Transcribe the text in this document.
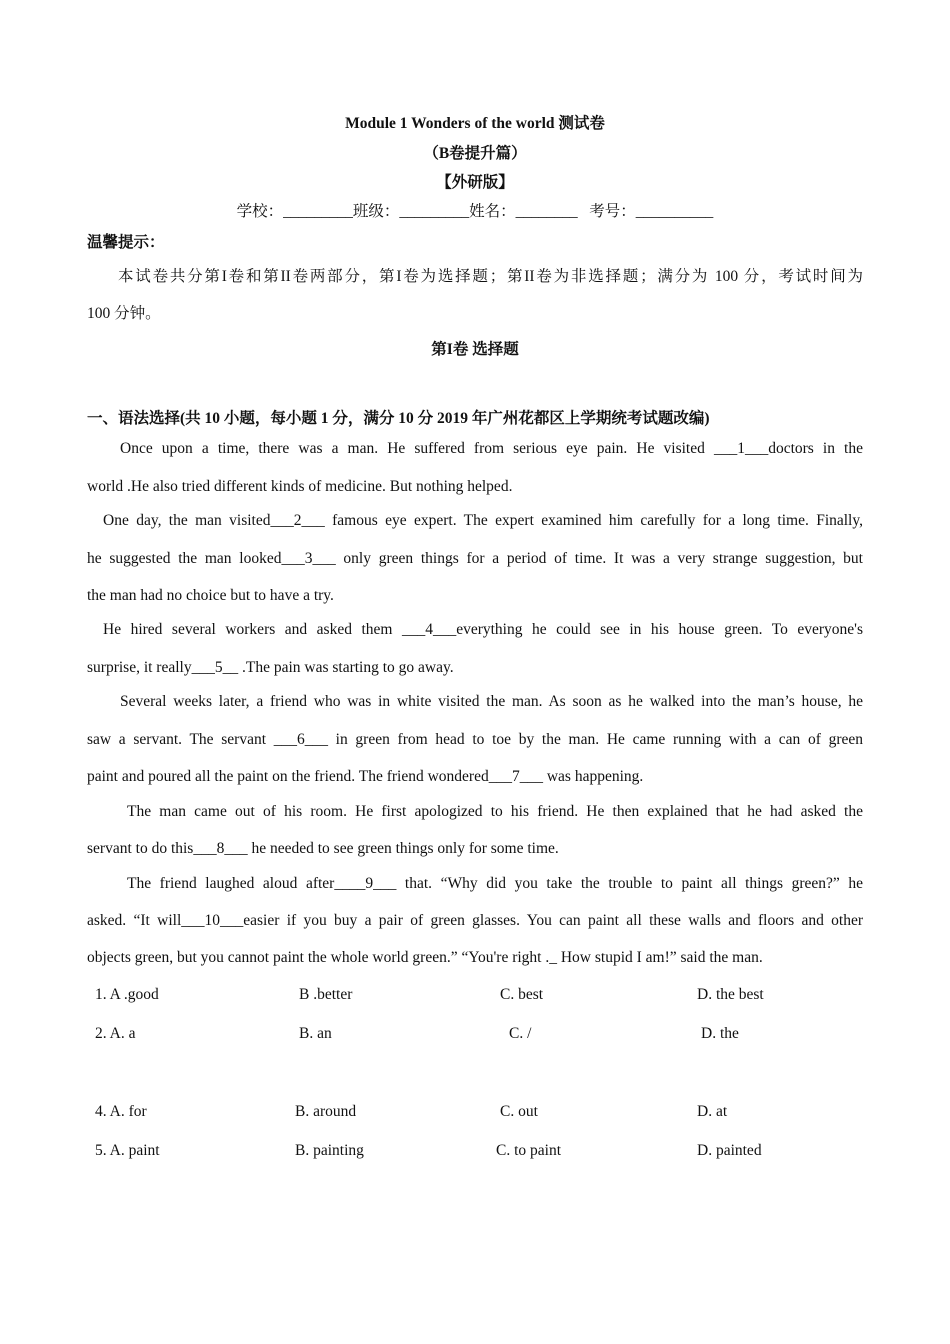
Module 1 Wonders of the world 测试卷
（B卷提升篇）
【外研版】
学校：_________班级：_________姓名：________   考号：__________
温馨提示：
本试卷共分第I卷和第II卷两部分，第I卷为选择题；第II卷为非选择题；满分为 100 分，考试时间为
100 分钟。
第I卷 选择题
一、语法选择(共 10 小题，每小题 1 分，满分 10 分 2019 年广州花都区上学期统考试题改编)
Once upon a time, there was a man. He suffered from serious eye pain. He visited ___1___doctors in the
world .He also tried different kinds of medicine. But nothing helped.
One day, the man visited___2___ famous eye expert. The expert examined him carefully for a long time. Finally,
he suggested the man looked___3___ only green things for a period of time. It was a very strange suggestion, but
the man had no choice but to have a try.
He hired several workers and asked them ___4___everything he could see in his house green. To everyone's
surprise, it really___5__ .The pain was starting to go away.
Several weeks later, a friend who was in white visited the man. As soon as he walked into the man’s house, he
saw a servant. The servant ___6___ in green from head to toe by the man. He came running with a can of green
paint and poured all the paint on the friend. The friend wondered___7___ was happening.
The man came out of his room. He first apologized to his friend. He then explained that he had asked the
servant to do this___8___ he needed to see green things only for some time.
The friend laughed aloud after____9___ that. “Why did you take the trouble to paint all things green?” he
asked. “It will___10___easier if you buy a pair of green glasses. You can paint all these walls and floors and other
objects green, but you cannot paint the whole world green.” “You're right ._ How stupid I am!” said the man.
1. A .good	B .better	C. best	D. the best
2. A. a	B. an	C. /	D. the
4. A. for	B. around	C. out	D. at
5. A. paint	B. painting	C. to paint	D. painted
